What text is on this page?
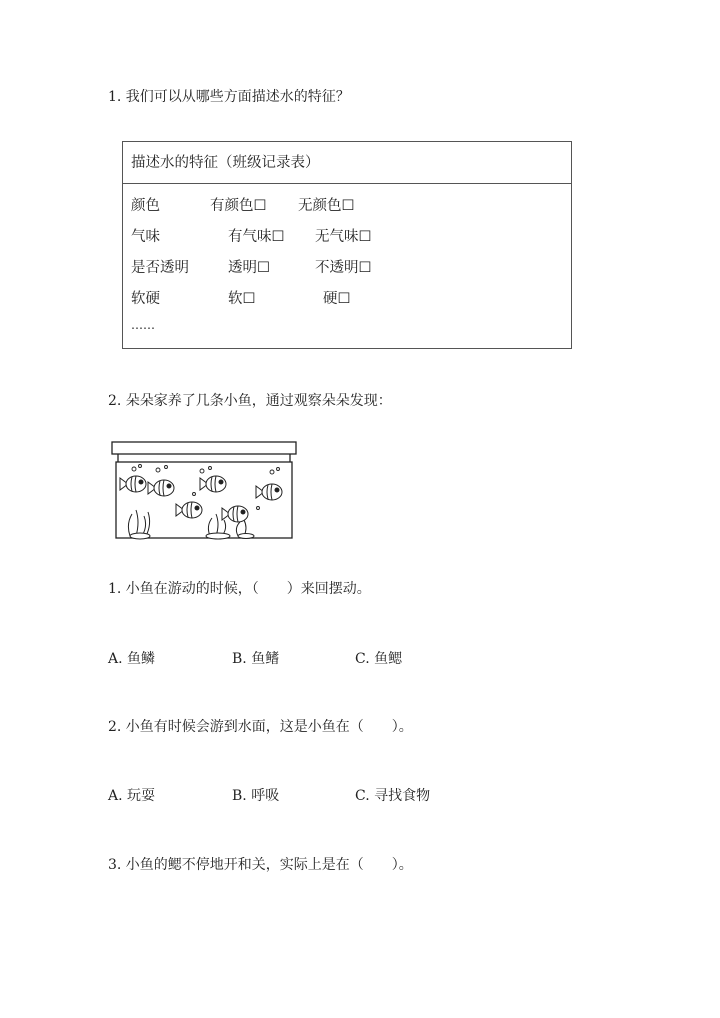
1. 我们可以从哪些方面描述水的特征？
描述水的特征（班级记录表）
颜色	有颜色☐ 无颜色☐
气味	有气味☐ 无气味☐
是否透明	透明☐	不透明☐
软硬	软☐	硬☐
……
2. 朵朵家养了几条小鱼，通过观察朵朵发现：
1. 小鱼在游动的时候，（　　）来回摆动。
A. 鱼鳞	B. 鱼鳍	C. 鱼鳃
2. 小鱼有时候会游到水面，这是小鱼在（　　）。
A. 玩耍	B. 呼吸	C. 寻找食物
3. 小鱼的鳃不停地开和关，实际上是在（　　）。
